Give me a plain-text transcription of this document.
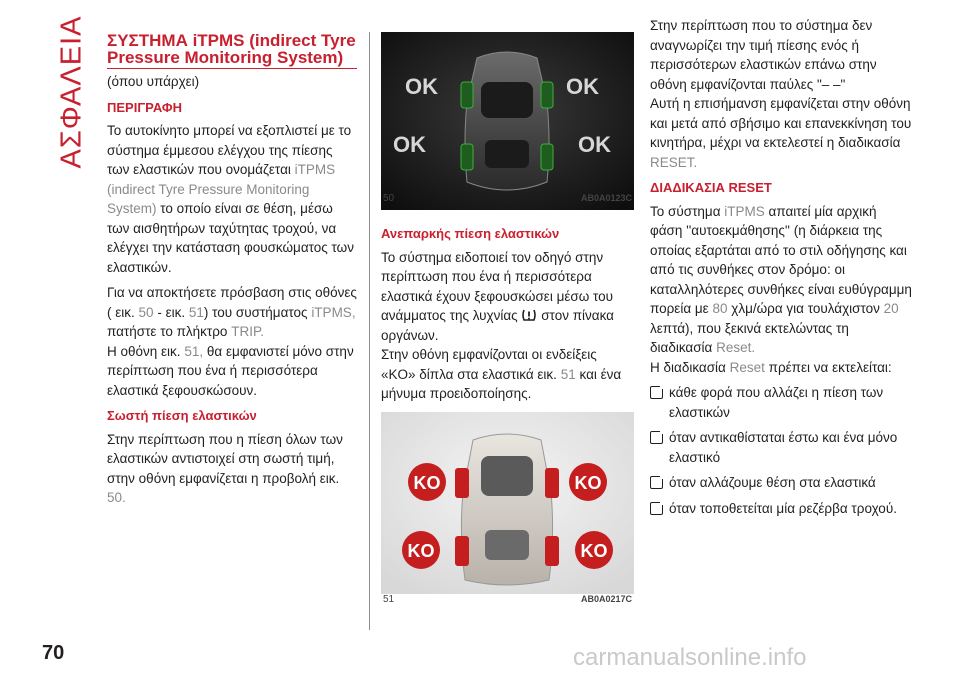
ΑΣΦΑΛΕΙΑ ΣΥΣΤΗΜΑ iTPMS (indirect Tyre Pressure Monitoring System)

(όπου υπάρχει)

ΠΕΡΙΓΡΑΦΗ

Το αυτοκίνητο μπορεί να εξοπλιστεί με το σύστημα έμμεσου ελέγχου της πίεσης των ελαστικών που ονομάζεται iTPMS (indirect Tyre Pressure Monitoring System) το οποίο είναι σε θέση, μέσω των αισθητήρων ταχύτητας τροχού, να ελέγχει την κατάσταση φουσκώματος των ελαστικών.

Για να αποκτήσετε πρόσβαση στις οθόνες ( εικ. 50 - εικ. 51) του συστήματος iTPMS, πατήστε το πλήκτρο TRIP.

Η οθόνη εικ. 51, θα εμφανιστεί μόνο στην περίπτωση που ένα ή περισσότερα ελαστικά ξεφουσκώσουν.

Σωστή πίεση ελαστικών

Στην περίπτωση που η πίεση όλων των ελαστικών αντιστοιχεί στη σωστή τιμή, στην οθόνη εμφανίζεται η προβολή εικ. 50.

OK	OK
OK	OK
50	AB0A0123C
Ανεπαρκής πίεση ελαστικών

Το σύστημα ειδοποιεί τον οδηγό στην περίπτωση που ένα ή περισσότερα ελαστικά έχουν ξεφουσκώσει μέσω του ανάμματος της λυχνίας στον πίνακα οργάνων.

Στην οθόνη εμφανίζονται οι ενδείξεις «KO» δίπλα στα ελαστικά εικ. 51 και ένα μήνυμα προειδοποίησης.

KO	KO
KO	KO
51	AB0A0217C

Στην περίπτωση που το σύστημα δεν αναγνωρίζει την τιμή πίεσης ενός ή περισσότερων ελαστικών επάνω στην οθόνη εμφανίζονται παύλες "– –"

Αυτή η επισήμανση εμφανίζεται στην οθόνη και μετά από σβήσιμο και επανεκκίνηση του κινητήρα, μέχρι να εκτελεστεί η διαδικασία RESET.

ΔΙΑΔΙΚΑΣΙΑ RESET

Το σύστημα iTPMS απαιτεί μία αρχική φάση ''αυτοεκμάθησης'' (η διάρκεια της οποίας εξαρτάται από το στιλ οδήγησης και από τις συνθήκες στον δρόμο: οι καταλληλότερες συνθήκες είναι ευθύγραμμη πορεία με 80 χλμ/ώρα για τουλάχιστον 20 λεπτά), που ξεκινά εκτελώντας τη διαδικασία Reset.

Η διαδικασία Reset πρέπει να εκτελείται:

κάθε φορά που αλλάζει η πίεση των ελαστικών
όταν αντικαθίσταται έστω και ένα μόνο ελαστικό
όταν αλλάζουμε θέση στα ελαστικά
όταν τοποθετείται μία ρεζέρβα τροχού.
70	carmanualsonline.info
